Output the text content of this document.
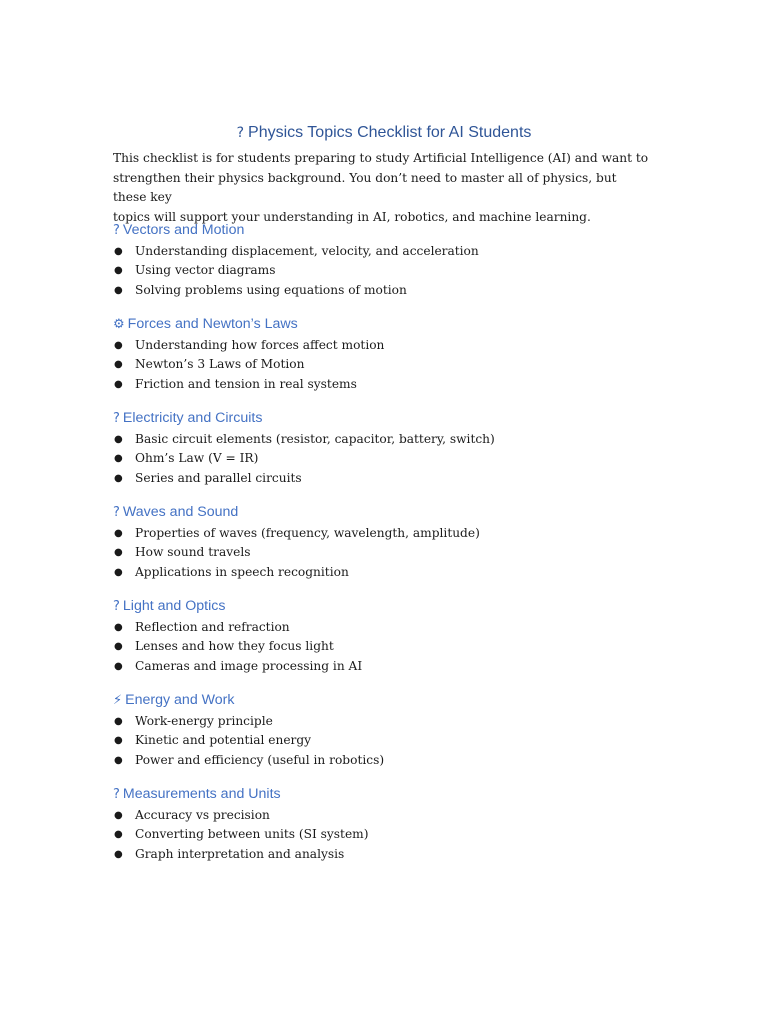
? Physics Topics Checklist for AI Students

This checklist is for students preparing to study Artificial Intelligence (AI) and want to
strengthen their physics background. You don’t need to master all of physics, but these key
topics will support your understanding in AI, robotics, and machine learning.

? Vectors and Motion
● Understanding displacement, velocity, and acceleration
● Using vector diagrams
● Solving problems using equations of motion
⚙ Forces and Newton’s Laws
● Understanding how forces affect motion
● Newton’s 3 Laws of Motion
● Friction and tension in real systems
? Electricity and Circuits
● Basic circuit elements (resistor, capacitor, battery, switch)
● Ohm’s Law (V = IR)
● Series and parallel circuits
? Waves and Sound
● Properties of waves (frequency, wavelength, amplitude)
● How sound travels
● Applications in speech recognition
? Light and Optics
● Reflection and refraction
● Lenses and how they focus light
● Cameras and image processing in AI
⚡ Energy and Work
● Work-energy principle
● Kinetic and potential energy
● Power and efficiency (useful in robotics)
? Measurements and Units
● Accuracy vs precision
● Converting between units (SI system)
● Graph interpretation and analysis
